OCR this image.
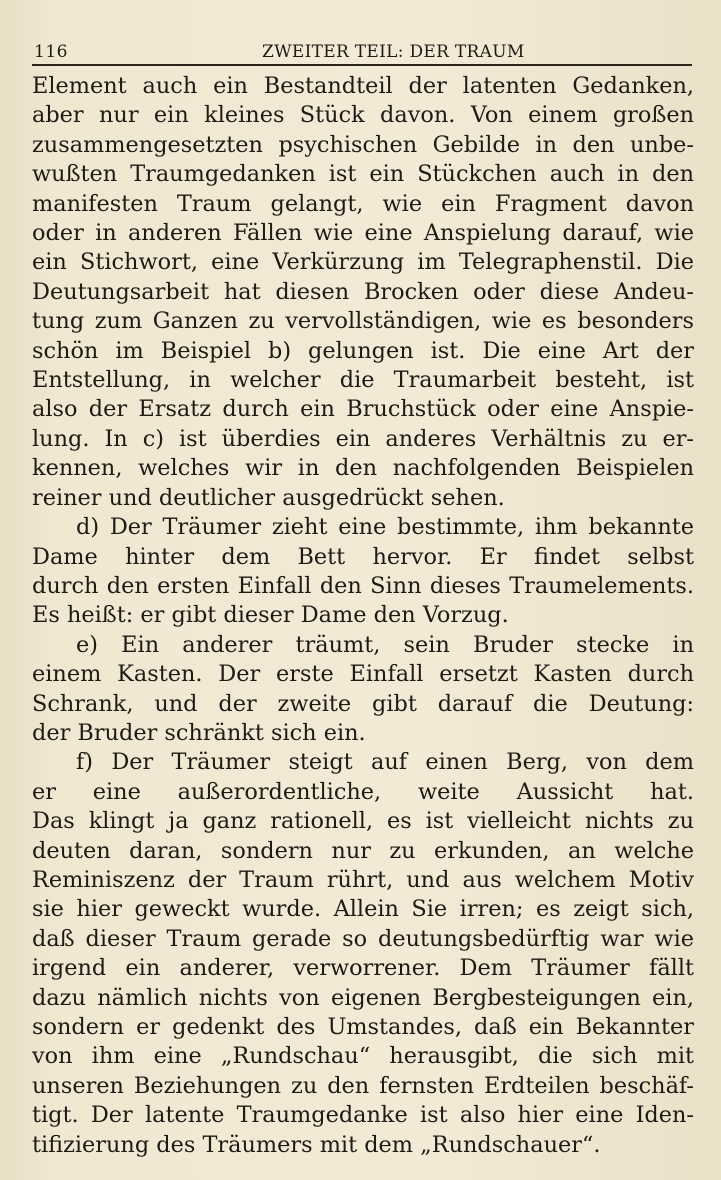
116	ZWEITER TEIL: DER TRAUM
Element auch ein Bestandteil der latenten Gedanken,
aber nur ein kleines Stück davon. Von einem großen
zusammengesetzten psychischen Gebilde in den unbe-
wußten Traumgedanken ist ein Stückchen auch in den
manifesten Traum gelangt, wie ein Fragment davon
oder in anderen Fällen wie eine Anspielung darauf, wie
ein Stichwort, eine Verkürzung im Telegraphenstil. Die
Deutungsarbeit hat diesen Brocken oder diese Andeu-
tung zum Ganzen zu vervollständigen, wie es besonders
schön im Beispiel b) gelungen ist. Die eine Art der
Entstellung, in welcher die Traumarbeit besteht, ist
also der Ersatz durch ein Bruchstück oder eine Anspie-
lung. In c) ist überdies ein anderes Verhältnis zu er-
kennen, welches wir in den nachfolgenden Beispielen
reiner und deutlicher ausgedrückt sehen.
d) Der Träumer zieht eine bestimmte, ihm bekannte
Dame hinter dem Bett hervor. Er findet selbst
durch den ersten Einfall den Sinn dieses Traumelements.
Es heißt: er gibt dieser Dame den Vorzug.
e) Ein anderer träumt, sein Bruder stecke in
einem Kasten. Der erste Einfall ersetzt Kasten durch
Schrank, und der zweite gibt darauf die Deutung:
der Bruder schränkt sich ein.
f) Der Träumer steigt auf einen Berg, von dem
er eine außerordentliche, weite Aussicht hat.
Das klingt ja ganz rationell, es ist vielleicht nichts zu
deuten daran, sondern nur zu erkunden, an welche
Reminiszenz der Traum rührt, und aus welchem Motiv
sie hier geweckt wurde. Allein Sie irren; es zeigt sich,
daß dieser Traum gerade so deutungsbedürftig war wie
irgend ein anderer, verworrener. Dem Träumer fällt
dazu nämlich nichts von eigenen Bergbesteigungen ein,
sondern er gedenkt des Umstandes, daß ein Bekannter
von ihm eine „Rundschau“ herausgibt, die sich mit
unseren Beziehungen zu den fernsten Erdteilen beschäf-
tigt. Der latente Traumgedanke ist also hier eine Iden-
tifizierung des Träumers mit dem „Rundschauer“.
